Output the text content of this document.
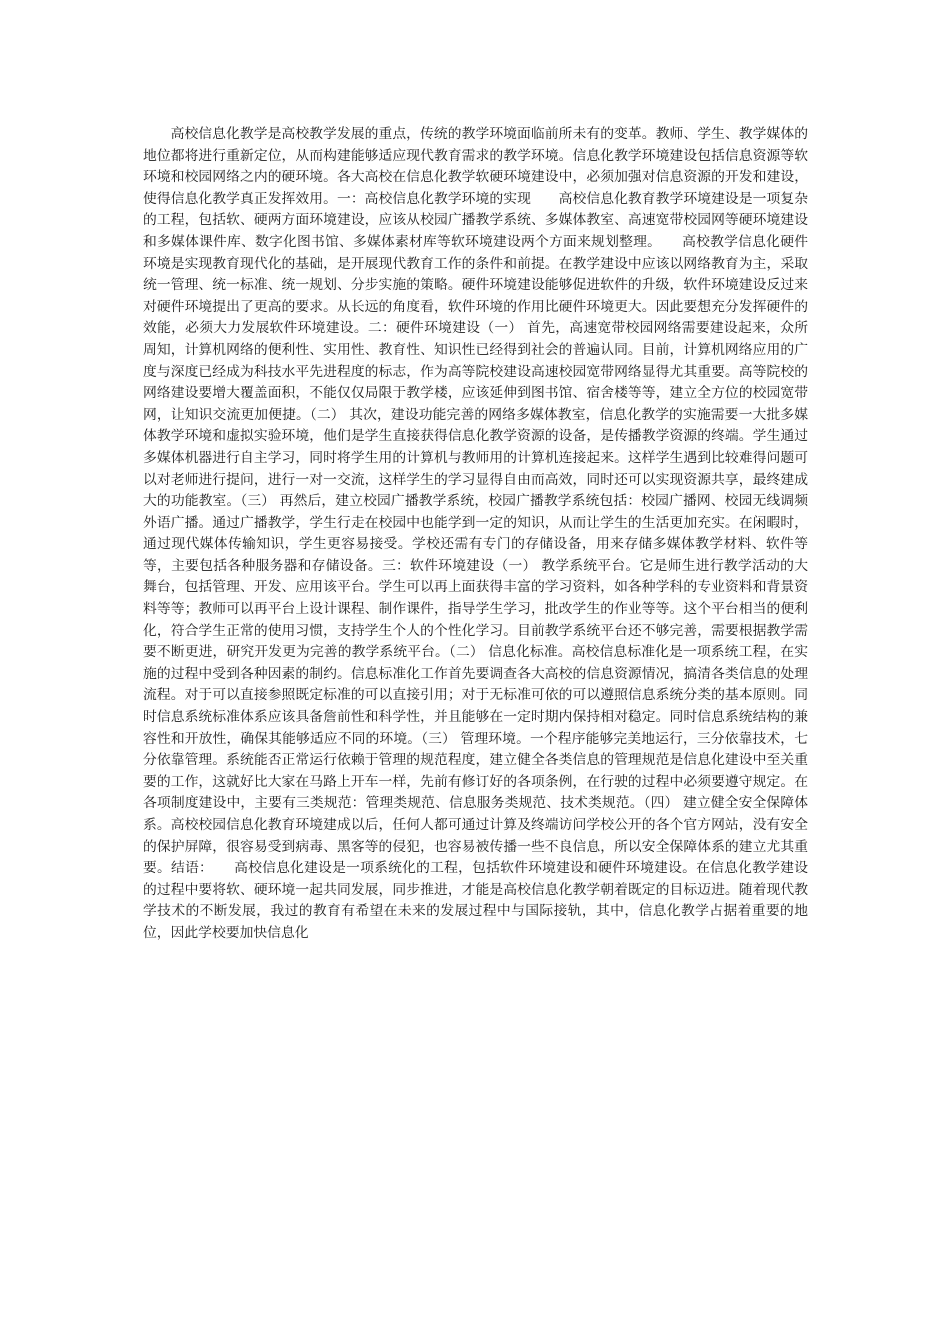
高校信息化教学是高校教学发展的重点，传统的教学环境面临前所未有的变革。教师、学生、教学媒体的地位都将进行重新定位，从而构建能够适应现代教育需求的教学环境。信息化教学环境建设包括信息资源等软环境和校园网络之内的硬环境。各大高校在信息化教学软硬环境建设中，必须加强对信息资源的开发和建设，使得信息化教学真正发挥效用。一：高校信息化教学环境的实现　　高校信息化教育教学环境建设是一项复杂的工程，包括软、硬两方面环境建设，应该从校园广播教学系统、多媒体教室、高速宽带校园网等硬环境建设和多媒体课件库、数字化图书馆、多媒体素材库等软环境建设两个方面来规划整理。　　高校教学信息化硬件环境是实现教育现代化的基础，是开展现代教育工作的条件和前提。在教学建设中应该以网络教育为主，采取统一管理、统一标准、统一规划、分步实施的策略。硬件环境建设能够促进软件的升级，软件环境建设反过来对硬件环境提出了更高的要求。从长远的角度看，软件环境的作用比硬件环境更大。因此要想充分发挥硬件的效能，必须大力发展软件环境建设。二：硬件环境建设（一） 首先，高速宽带校园网络需要建设起来，众所周知，计算机网络的便利性、实用性、教育性、知识性已经得到社会的普遍认同。目前，计算机网络应用的广度与深度已经成为科技水平先进程度的标志，作为高等院校建设高速校园宽带网络显得尤其重要。高等院校的网络建设要增大覆盖面积，不能仅仅局限于教学楼，应该延伸到图书馆、宿舍楼等等，建立全方位的校园宽带网，让知识交流更加便捷。（二） 其次，建设功能完善的网络多媒体教室，信息化教学的实施需要一大批多媒体教学环境和虚拟实验环境，他们是学生直接获得信息化教学资源的设备，是传播教学资源的终端。学生通过多媒体机器进行自主学习，同时将学生用的计算机与教师用的计算机连接起来。这样学生遇到比较难得问题可以对老师进行提问，进行一对一交流，这样学生的学习显得自由而高效，同时还可以实现资源共享，最终建成大的功能教室。（三） 再然后，建立校园广播教学系统，校园广播教学系统包括：校园广播网、校园无线调频外语广播。通过广播教学，学生行走在校园中也能学到一定的知识，从而让学生的生活更加充实。在闲暇时，通过现代媒体传输知识，学生更容易接受。学校还需有专门的存储设备，用来存储多媒体教学材料、软件等等，主要包括各种服务器和存储设备。三：软件环境建设（一） 教学系统平台。它是师生进行教学活动的大舞台，包括管理、开发、应用该平台。学生可以再上面获得丰富的学习资料，如各种学科的专业资料和背景资料等等；教师可以再平台上设计课程、制作课件，指导学生学习，批改学生的作业等等。这个平台相当的便利化，符合学生正常的使用习惯，支持学生个人的个性化学习。目前教学系统平台还不够完善，需要根据教学需要不断更进，研究开发更为完善的教学系统平台。（二） 信息化标准。高校信息标准化是一项系统工程，在实施的过程中受到各种因素的制约。信息标准化工作首先要调查各大高校的信息资源情况，搞清各类信息的处理流程。对于可以直接参照既定标准的可以直接引用；对于无标准可依的可以遵照信息系统分类的基本原则。同时信息系统标准体系应该具备詹前性和科学性，并且能够在一定时期内保持相对稳定。同时信息系统结构的兼容性和开放性，确保其能够适应不同的环境。（三） 管理环境。一个程序能够完美地运行，三分依靠技术，七分依靠管理。系统能否正常运行依赖于管理的规范程度，建立健全各类信息的管理规范是信息化建设中至关重要的工作，这就好比大家在马路上开车一样，先前有修订好的各项条例，在行驶的过程中必须要遵守规定。在各项制度建设中，主要有三类规范：管理类规范、信息服务类规范、技术类规范。（四） 建立健全安全保障体系。高校校园信息化教育环境建成以后，任何人都可通过计算及终端访问学校公开的各个官方网站，没有安全的保护屏障，很容易受到病毒、黑客等的侵犯，也容易被传播一些不良信息，所以安全保障体系的建立尤其重要。结语：　　高校信息化建设是一项系统化的工程，包括软件环境建设和硬件环境建设。在信息化教学建设的过程中要将软、硬环境一起共同发展，同步推进，才能是高校信息化教学朝着既定的目标迈进。随着现代教学技术的不断发展，我过的教育有希望在未来的发展过程中与国际接轨，其中，信息化教学占据着重要的地位，因此学校要加快信息化
